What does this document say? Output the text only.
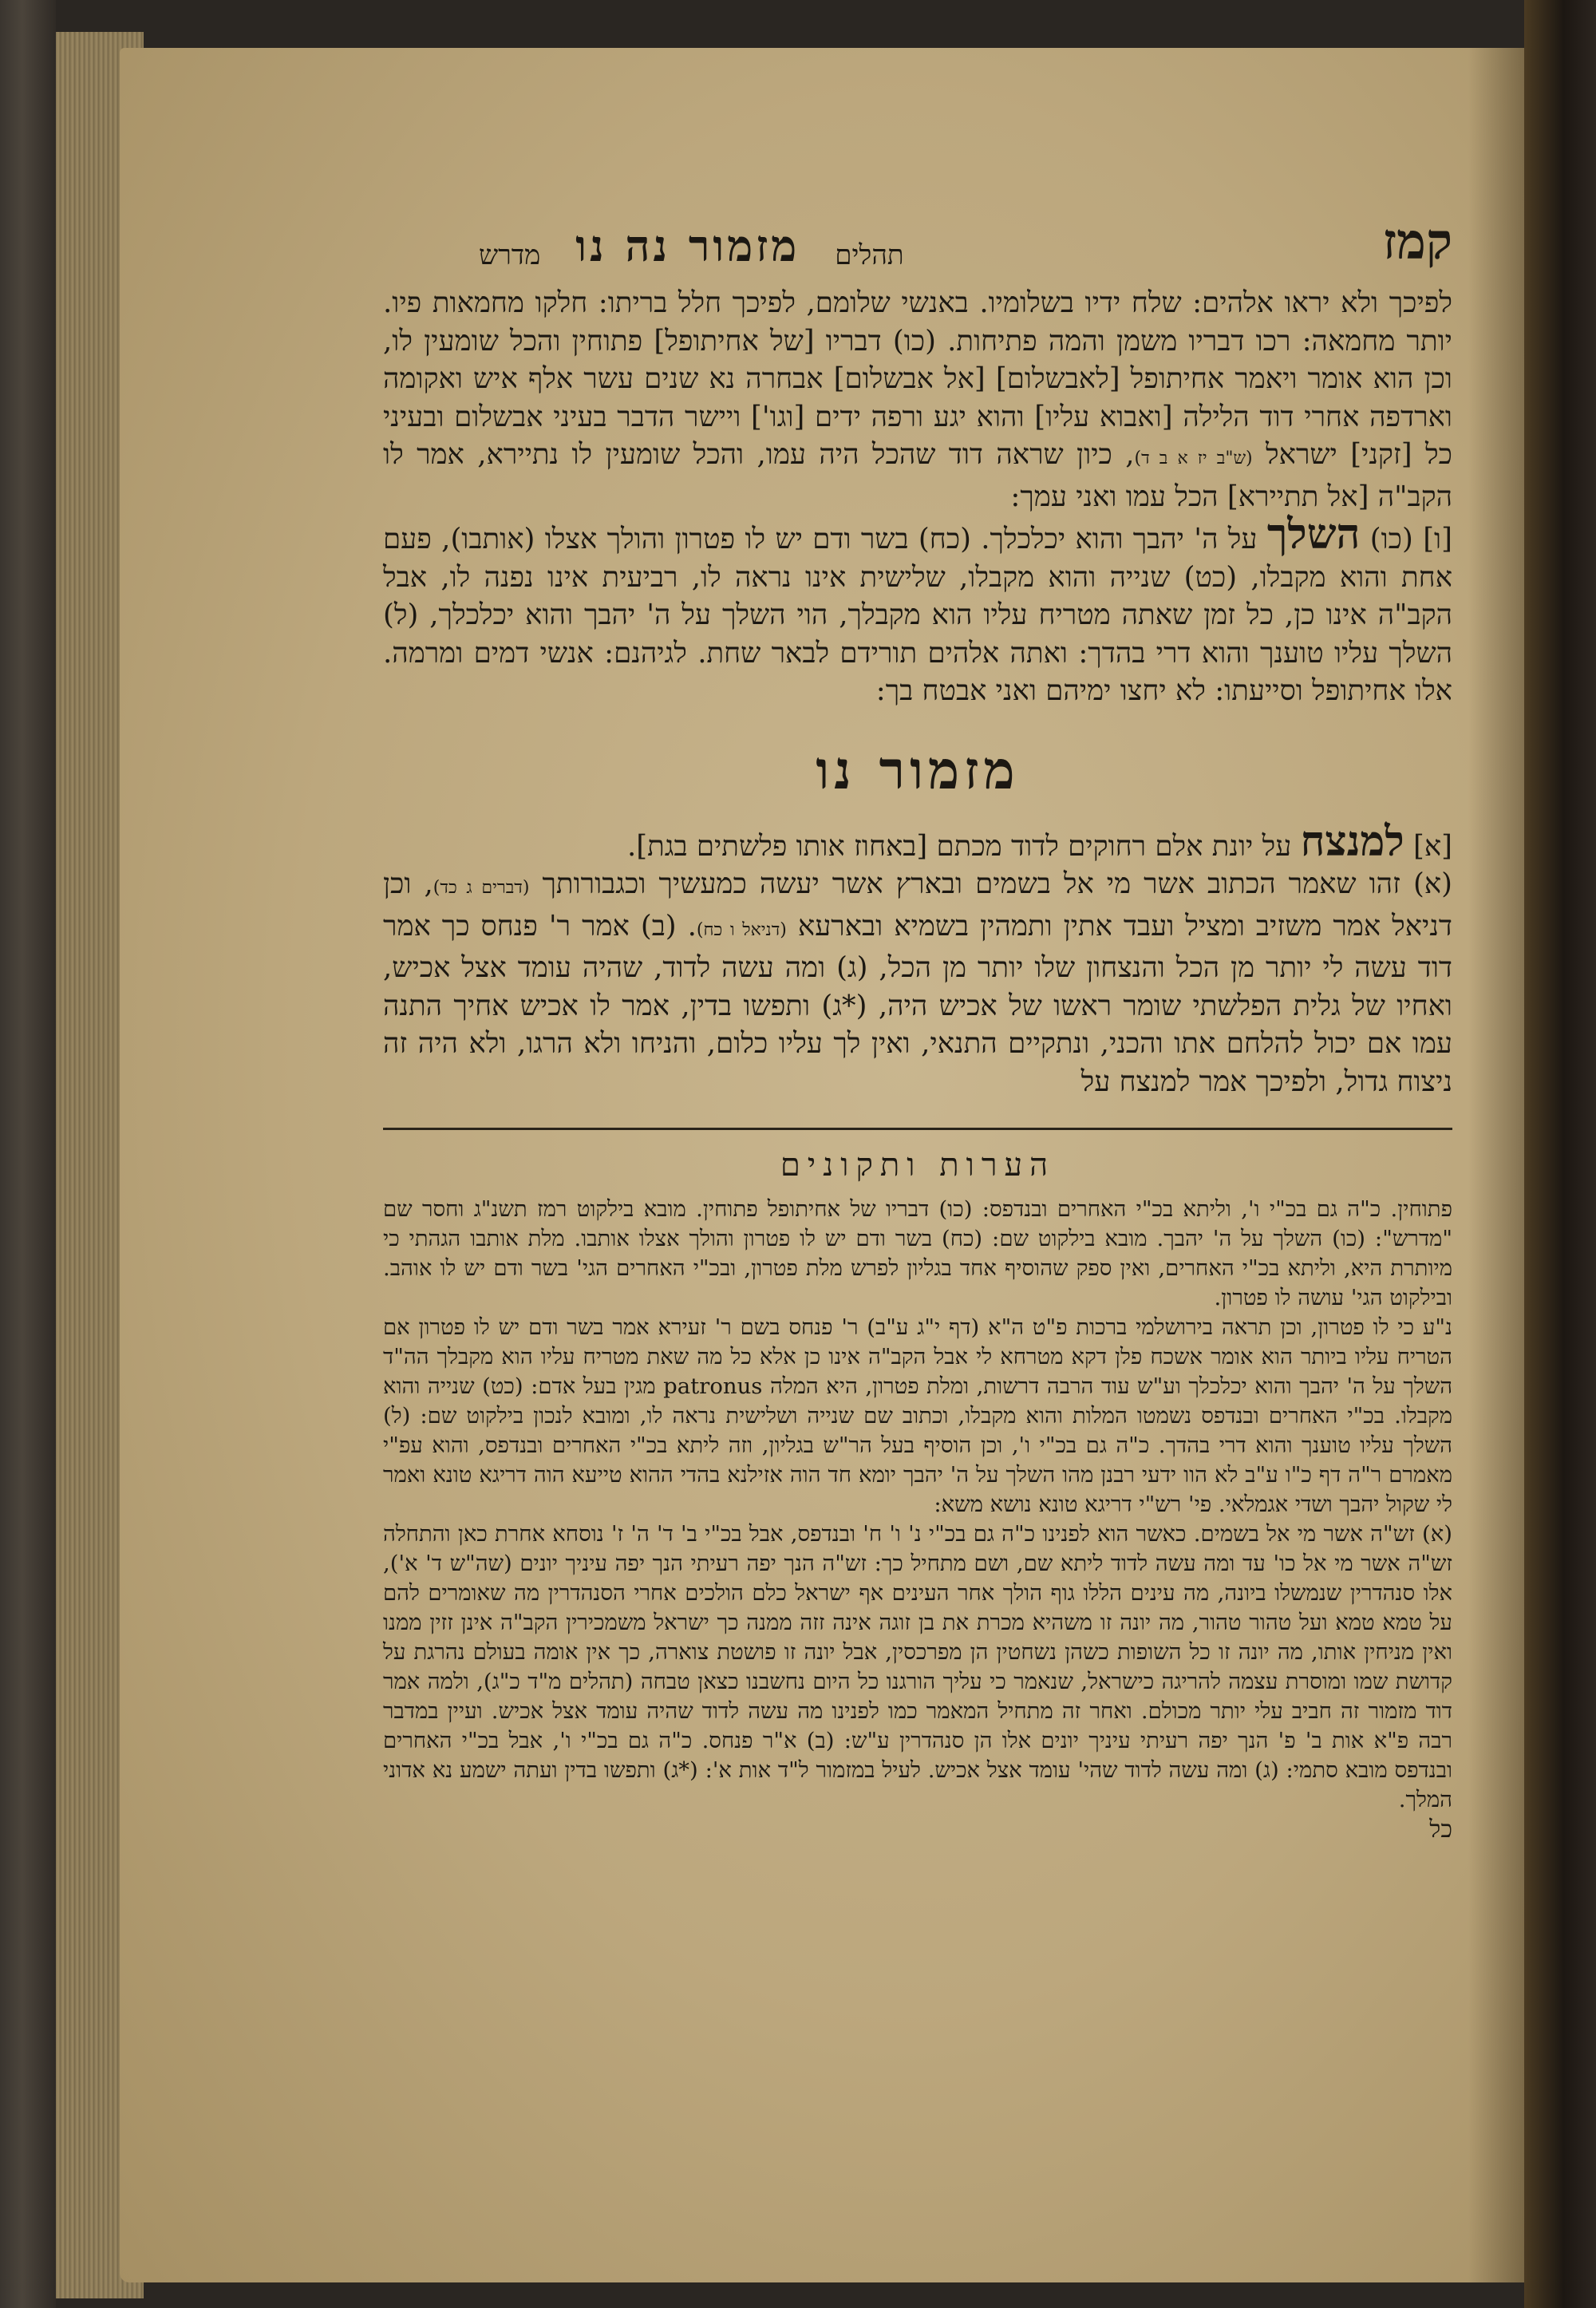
קמז
תהלים
מזמור נה נו
מדרש

לפיכך ולא יראו אלהים: שלח ידיו בשלומיו. באנשי שלומם, לפיכך חלל בריתו: חלקו מחמאות פיו. יותר מחמאה: רכו דבריו משמן והמה פתיחות. (כו) דבריו [של אחיתופל] פתוחין והכל שומעין לו, וכן הוא אומר ויאמר אחיתופל [לאבשלום] [אל אבשלום] אבחרה נא שנים עשר אלף איש ואקומה וארדפה אחרי דוד הלילה [ואבוא עליו] והוא יגע ורפה ידים [וגו'] ויישר הדבר בעיני אבשלום ובעיני כל [זקני] ישראל (ש"ב יז א ב ד), כיון שראה דוד שהכל היה עמו, והכל שומעין לו נתיירא, אמר לו הקב"ה [אל תתיירא] הכל עמו ואני עמך:

[ו] (כו) השלך על ה' יהבך והוא יכלכלך. (כח) בשר ודם יש לו פטרון והולך אצלו (אותבו), פעם אחת והוא מקבלו, (כט) שנייה והוא מקבלו, שלישית אינו נראה לו, רביעית אינו נפנה לו, אבל הקב"ה אינו כן, כל זמן שאתה מטריח עליו הוא מקבלך, הוי השלך על ה' יהבך והוא יכלכלך, (ל) השלך עליו טוענך והוא דרי בהדך: ואתה אלהים תורידם לבאר שחת. לגיהנם: אנשי דמים ומרמה. אלו אחיתופל וסייעתו: לא יחצו ימיהם ואני אבטח בך:

מזמור נו

[א] למנצח על יונת אלם רחוקים לדוד מכתם [באחוז אותו פלשתים בגת].

(א) זהו שאמר הכתוב אשר מי אל בשמים ובארץ אשר יעשה כמעשיך וכגבורותך (דברים ג כד), וכן דניאל אמר משזיב ומציל ועבד אתין ותמהין בשמיא ובארעא (דניאל ו כח). (ב) אמר ר' פנחס כך אמר דוד עשה לי יותר מן הכל והנצחון שלו יותר מן הכל, (ג) ומה עשה לדוד, שהיה עומד אצל אכיש, ואחיו של גלית הפלשתי שומר ראשו של אכיש היה, (*ג) ותפשו בדין, אמר לו אכיש אחיך התנה עמו אם יכול להלחם אתו והכני, ונתקיים התנאי, ואין לך עליו כלום, והניחו ולא הרגו, ולא היה זה ניצוח גדול, ולפיכך אמר למנצח על

הערות ותקונים

פתוחין. כ"ה גם בכ"י ו', וליתא בכ"י האחרים ובנדפס: (כו) דבריו של אחיתופל פתוחין. מובא בילקוט רמז תשנ"ג וחסר שם "מדרש": (כו) השלך על ה' יהבך. מובא בילקוט שם: (כח) בשר ודם יש לו פטרון והולך אצלו אותבו. מלת אותבו הגהתי כי מיותרת היא, וליתא בכ"י האחרים, ואין ספק שהוסיף אחד בגליון לפרש מלת פטרון, ובכ"י האחרים הגי' בשר ודם יש לו אוהב. ובילקוט הגי' עושה לו פטרון.

נ"ע כי לו פטרון, וכן תראה בירושלמי ברכות פ"ט ה"א (דף י"ג ע"ב) ר' פנחס בשם ר' זעירא אמר בשר ודם יש לו פטרון אם הטריח עליו ביותר הוא אומר אשכח פלן דקא מטרחא לי אבל הקב"ה אינו כן אלא כל מה שאת מטריח עליו הוא מקבלך הה"ד השלך על ה' יהבך והוא יכלכלך וע"ש עוד הרבה דרשות, ומלת פטרון, היא המלה patronus מגין בעל אדם: (כט) שנייה והוא מקבלו. בכ"י האחרים ובנדפס נשמטו המלות והוא מקבלו, וכתוב שם שנייה ושלישית נראה לו, ומובא לנכון בילקוט שם: (ל) השלך עליו טוענך והוא דרי בהדך. כ"ה גם בכ"י ו', וכן הוסיף בעל הר"ש בגליון, וזה ליתא בכ"י האחרים ובנדפס, והוא עפ"י מאמרם ר"ה דף כ"ו ע"ב לא הוו ידעי רבנן מהו השלך על ה' יהבך יומא חד הוה אזילנא בהדי ההוא טייעא הוה דריגא טונא ואמר לי שקול יהבך ושדי אגמלאי. פי' רש"י דריגא טונא נושא משא:

(א) זש"ה אשר מי אל בשמים. כאשר הוא לפנינו כ"ה גם בכ"י נ' ו' ח' ובנדפס, אבל בכ"י ב' ד' ה' ז' נוסחא אחרת כאן והתחלה זש"ה אשר מי אל כו' עד ומה עשה לדוד ליתא שם, ושם מתחיל כך: זש"ה הנך יפה רעיתי הנך יפה עיניך יונים (שה"ש ד' א'), אלו סנהדרין שנמשלו ביונה, מה עינים הללו גוף הולך אחר העינים אף ישראל כלם הולכים אחרי הסנהדרין מה שאומרים להם על טמא טמא ועל טהור טהור, מה יונה זו משהיא מכרת את בן זוגה אינה זזה ממנה כך ישראל משמכירין הקב"ה אינן זזין ממנו ואין מניחין אותו, מה יונה זו כל השופות כשהן נשחטין הן מפרכסין, אבל יונה זו פושטת צוארה, כך אין אומה בעולם נהרגת על קדושת שמו ומוסרת עצמה להריגה כישראל, שנאמר כי עליך הורגנו כל היום נחשבנו כצאן טבחה (תהלים מ"ד כ"ג), ולמה אמר דוד מזמור זה חביב עלי יותר מכולם. ואחר זה מתחיל המאמר כמו לפנינו מה עשה לדוד שהיה עומד אצל אכיש. ועיין במדבר רבה פ"א אות ב' פ' הנך יפה רעיתי עיניך יונים אלו הן סנהדרין ע"ש: (ב) א"ר פנחס. כ"ה גם בכ"י ו', אבל בכ"י האחרים ובנדפס מובא סתמי: (ג) ומה עשה לדוד שהי' עומד אצל אכיש. לעיל במזמור ל"ד אות א': (*ג) ותפשו בדין ועתה ישמע נא אדוני המלך.

כל
